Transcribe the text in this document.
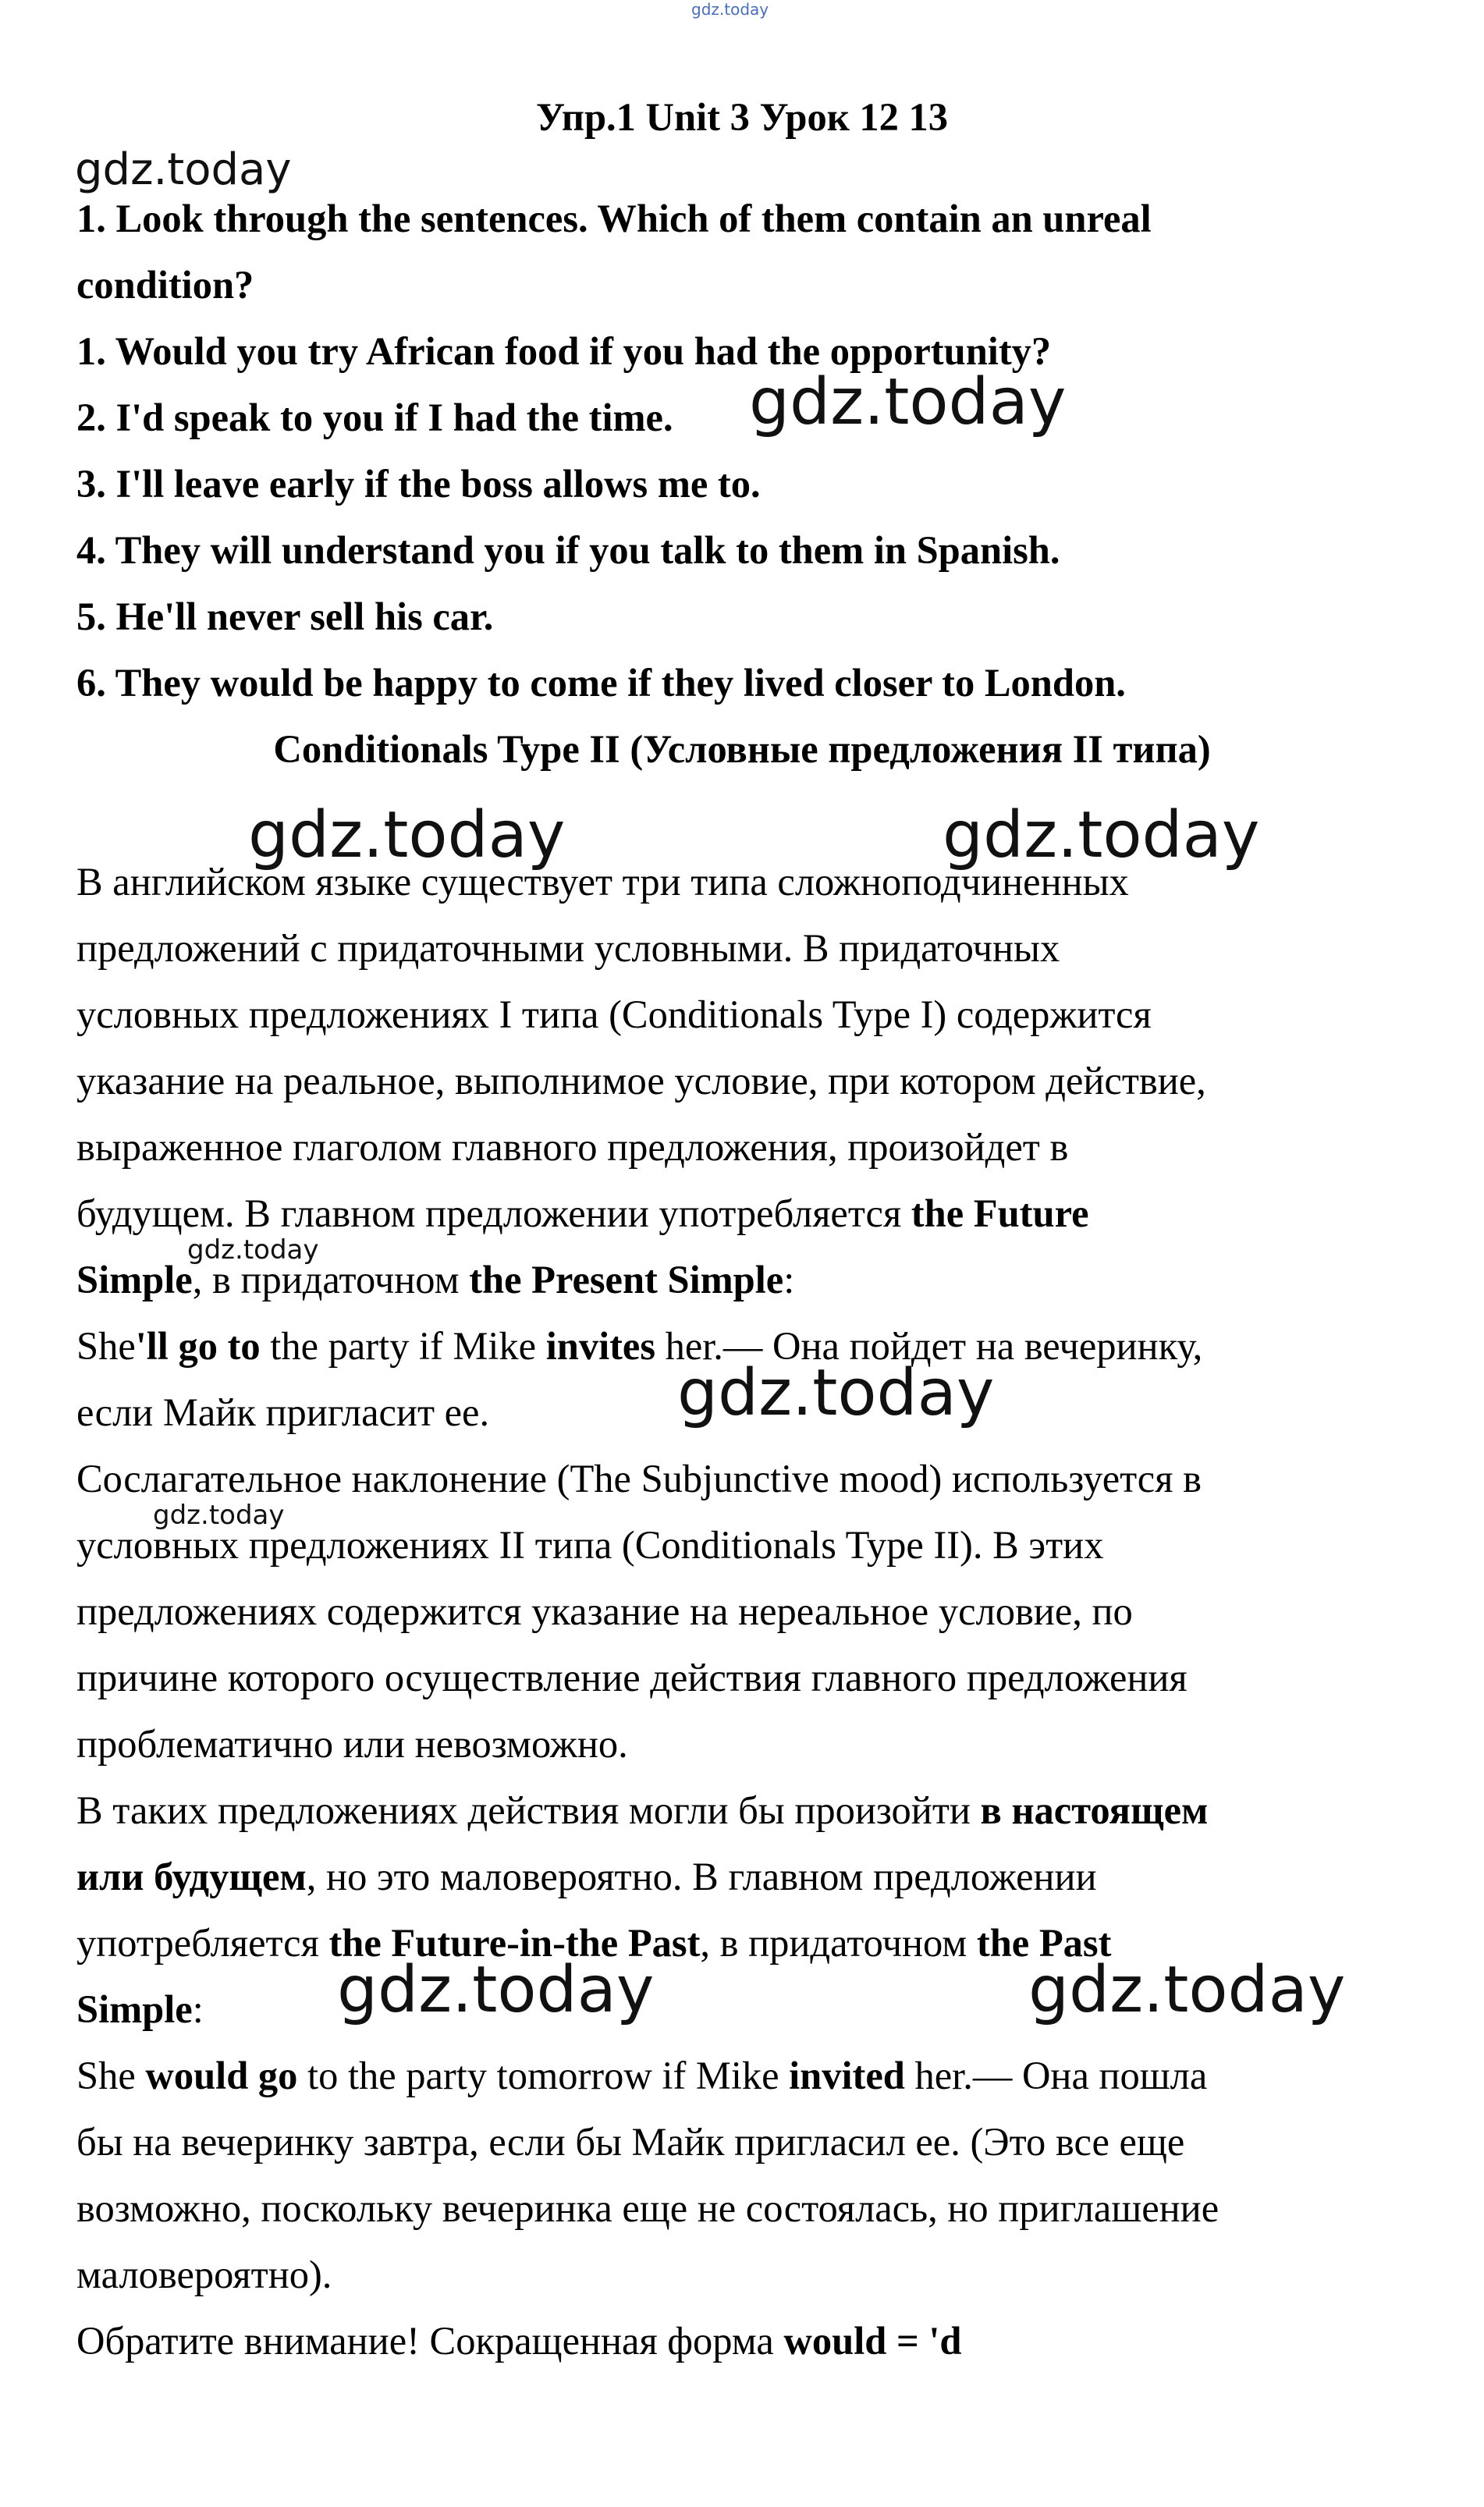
gdz.today
Упр.1 Unit 3 Урок 12 13
1. Look through the sentences. Which of them contain an unreal
condition?
1. Would you try African food if you had the opportunity?
2. I'd speak to you if I had the time.
3. I'll leave early if the boss allows me to.
4. They will understand you if you talk to them in Spanish.
5. He'll never sell his car.
6. They would be happy to come if they lived closer to London.
Conditionals Type II (Условные предложения II типа)
В английском языке существует три типа сложноподчиненных
предложений с придаточными условными. В придаточных
условных предложениях I типа (Conditionals Type I) содержится
указание на реальное, выполнимое условие, при котором действие,
выраженное глаголом главного предложения, произойдет в
будущем. В главном предложении употребляется the Future
Simple, в придаточном the Present Simple:
She'll go to the party if Mike invites her.— Она пойдет на вечеринку,
если Майк пригласит ее.
Сослагательное наклонение (The Subjunctive mood) используется в
условных предложениях II типа (Conditionals Type II). В этих
предложениях содержится указание на нереальное условие, по
причине которого осуществление действия главного предложения
проблематично или невозможно.
В таких предложениях действия могли бы произойти в настоящем
или будущем, но это маловероятно. В главном предложении
употребляется the Future-in-the Past, в придаточном the Past
Simple:
She would go to the party tomorrow if Mike invited her.— Она пошла
бы на вечеринку завтра, если бы Майк пригласил ее. (Это все еще
возможно, поскольку вечеринка еще не состоялась, но приглашение
маловероятно).
Обратите внимание! Сокращенная форма would = 'd
gdz.today
gdz.today
gdz.today	gdz.today
gdz.today
gdz.today
gdz.today
gdz.today	gdz.today
